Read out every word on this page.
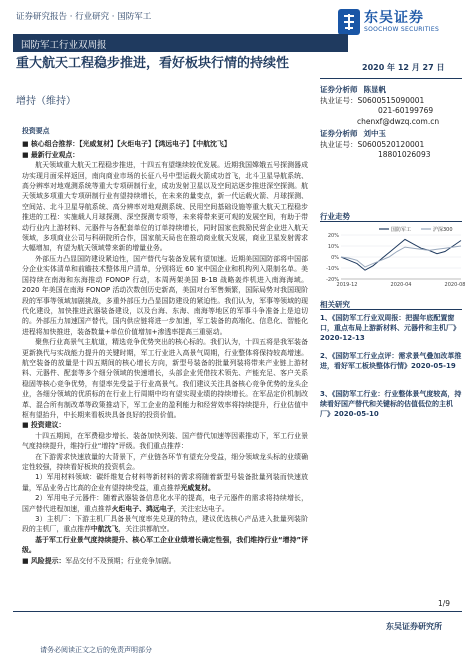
证券研究报告 · 行业研究 · 国防军工	东吴证券
SOOCHOW SECURITIES
国防军工行业双周报
重大航天工程稳步推进，看好板块行情的持续性
增持（维持）
2020 年 12 月 27 日
证券分析师 陈显帆
执业证号：S0600515090001
021-60199769
chenxf@dwzq.com.cn
证券分析师 刘中玉
执业证号：S0600520120001
18801026093
行业走势
20%
10%
0%
-10%
-20%
2019-12	2020-04	2020-08
国防军工	沪深300
相关研究
1、《国防军工行业双周报：把握年底配置窗口，重点布局上游新材料、元器件和主机厂》2020-12-13
2、《国防军工行业点评：需求景气叠加改革推进，看好军工板块整体行情》2020-05-19
3、《国防军工行业：行业整体景气度较高，持续看好国产替代和关键标的估值低位的主机厂》2020-05-10

投资要点

■ 核心组合推荐：【光威复材】【火炬电子】【鸿远电子】【中航沈飞】

■ 最新行业观点：

航天领域重大航天工程稳步推进，十四五有望继续较优发展。近期我国嫦娥五号探测器成功实现月面采样返回，南向商业市场的长征八号中型运载火箭成功首飞，北斗卫星导航系统、高分辨率对地观测系统等重大专项研制行业，成功发射卫星以及空间站逐步推进深空探测。航天领域多项重大专项研制行业有望持续增长，在未来的量变点，新一代运载火箭、月球探测、空间站、北斗卫星导航系统、高分辨率对地观测系统、民用空间基础设施等重大航天工程稳步推进的工程：实施载人月球探测、深空探测专项等，未来将带来更可观的发展空间，有助于带动行业内上游材料、元器件与各配套单位的订单持续增长，同时国家也鼓励民营企业进入航天领域，多项商业公司与科研院所合作，国家航天局也在推动商业航天发展，商业卫星发射需求大幅增加，有望为航天领域带来新的增量业务。

外部压力凸显国防建设紧迫性，国产替代与装备发展有望加速。近期美国国防部将中国部分企业实体清单和前瞻技术整体用户清单，分别将近 60 家中国企业和机构列入限制名单。美国持续在南海和东海推动 FONOP 行动，本周两架美国 B-1B 战略轰炸机进入南海海域。2020 年美国在南海 FONOP 活动次数创历史新高，美国对台军售频繁，国际局势对我国现阶段的军事等领域加剧挑战，多重外部压力凸显国防建设的紧迫性。我们认为，军事等领域的现代化建设，加快推进武器装备建设，以及台海、东海、南海等地区的军事斗争准备上是迫切的。外部压力加速国产替代，国内供应链将进一步加速，军工装备的高端化、信息化、智能化进程将加快推进，装备数量+单位价值增加+渗透率提高三重驱动。

聚焦行业高景气主航道，精选竞争优势突出的核心标的。我们认为，十四五将是我军装备更新换代与实战能力提升的关键时期，军工行业进入高景气周期，行业整体将保持较高增速。航空装备的放量是十四五期间的核心增长方向，新型号装备的批量列装将带来产业链上游材料、元器件、配套等多个细分领域的快速增长，头部企业凭借技术领先、产能充足、客户关系稳固等核心竞争优势，有望率先受益于行业高景气。我们建议关注具备核心竞争优势的龙头企业，各细分领域的优质标的在行业上行周期中均有望实现业绩的持续增长。在军品定价机制改革、混合所有制改革等政策推动下，军工企业的盈利能力和经营效率将持续提升，行业估值中枢有望抬升，中长期来看板块具备良好的投资价值。

■ 投资建议：

十四五期间，在军费稳步增长、装备加快列装、国产替代加速等因素推动下，军工行业景气度持续提升，维持行业“增持”评级。我们重点推荐：

在下游需求快速放量的大背景下，产业链各环节有望充分受益，细分领域龙头标的业绩确定性较强，持续看好板块的投资机会。

1）军用材料领域：碳纤维复合材料等新材料的需求将随着新型号装备批量列装而快速放量，军品业务占比高的企业有望持续受益，重点推荐光威复材。

2）军用电子元器件：随着武器装备信息化水平的提高，电子元器件的需求将持续增长，国产替代进程加速，重点推荐火炬电子、鸿远电子，关注宏达电子。

3）主机厂：下游主机厂具备景气度率先兑现的特点，建议优选核心产品进入批量列装阶段的主机厂，重点推荐中航沈飞，关注洪都航空。

基于军工行业景气度持续提升、核心军工企业业绩增长确定性强，我们维持行业“增持”评级。

■ 风险提示：军品交付不及预期；行业竞争加剧。

1/9
东吴证券研究所
请务必阅读正文之后的免责声明部分
